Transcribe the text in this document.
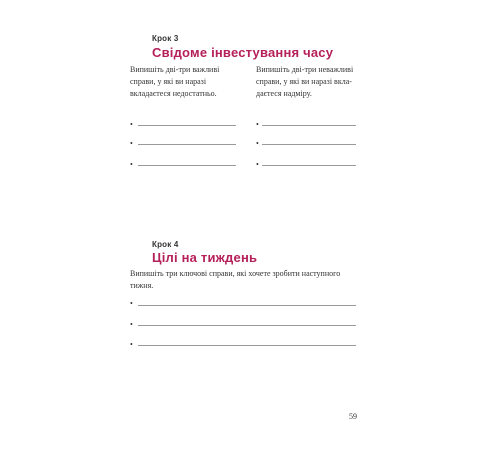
Крок 3
Свідоме інвестування часу
Випишіть дві-три важливі
справи, у які ви наразі
вкладаєтеся недостатньо.
Випишіть дві-три неважливі
справи, у які ви наразі вкла-
даєтеся надміру.
•
•
•
•
•
•
Крок 4
Цілі на тиждень
Випишіть три ключові справи, які хочете зробити наступного
тижня.
•
•
•
59
